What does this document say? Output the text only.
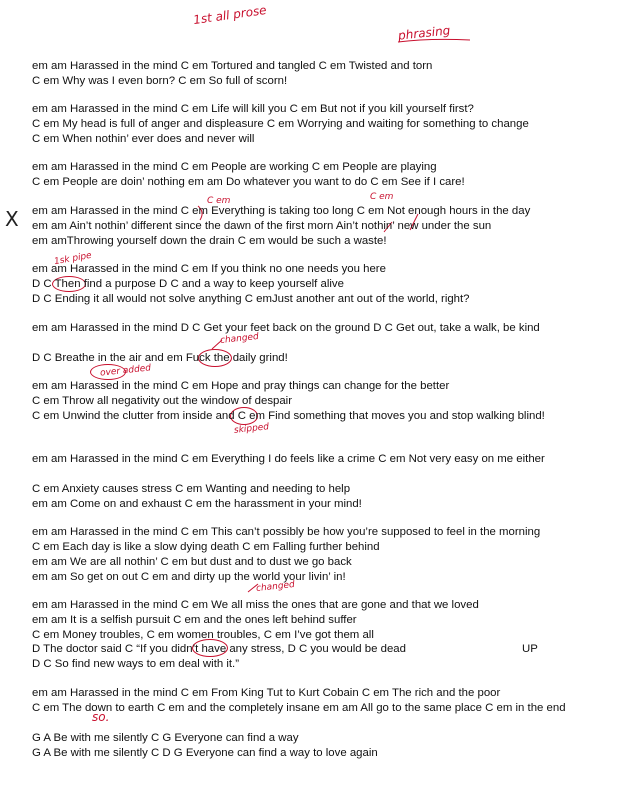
1st all prose
phrasing
C em	C em
X
1sk pipe
changed
over added
skipped
changed
so.
em am Harassed in the mind C em Tortured and tangled C em Twisted and torn
C em Why was I even born? C em So full of scorn!
em am Harassed in the mind C em Life will kill you C em But not if you kill yourself first?
C em My head is full of anger and displeasure C em Worrying and waiting for something to change
C em When nothin’ ever does and never will
em am Harassed in the mind C em People are working C em People are playing
C em People are doin’ nothing em am Do whatever you want to do C em See if I care!
em am Harassed in the mind C em Everything is taking too long C em Not enough hours in the day
em am Ain’t nothin’ different since the dawn of the first morn Ain’t nothin’ new under the sun
em amThrowing yourself down the drain C em would be such a waste!
em am Harassed in the mind C em If you think no one needs you here
D C Then find a purpose D C and a way to keep yourself alive
D C Ending it all would not solve anything C emJust another ant out of the world, right?
em am Harassed in the mind D C Get your feet back on the ground D C Get out, take a walk, be kind
D C Breathe in the air and em Fuck the daily grind!
em am Harassed in the mind C em Hope and pray things can change for the better
C em Throw all negativity out the window of despair
C em Unwind the clutter from inside and C em Find something that moves you and stop walking blind!
em am Harassed in the mind C em Everything I do feels like a crime C em Not very easy on me either
C em Anxiety causes stress C em Wanting and needing to help
em am Come on and exhaust C em the harassment in your mind!
em am Harassed in the mind C em This can’t possibly be how you’re supposed to feel in the morning
C em Each day is like a slow dying death C em Falling further behind
em am We are all nothin’ C em but dust and to dust we go back
em am So get on out C em and dirty up the world your livin’ in!
em am Harassed in the mind C em We all miss the ones that are gone and that we loved
em am It is a selfish pursuit C em and the ones left behind suffer
C em Money troubles, C em women troubles, C em I’ve got them all
D The doctor said C “If you didn’t have any stress, D C you would be dead
D C So find new ways to em deal with it.”
UP
em am Harassed in the mind C em From King Tut to Kurt Cobain C em The rich and the poor
C em The down to earth C em and the completely insane em am All go to the same place C em in the end
G A Be with me silently C G Everyone can find a way
G A Be with me silently C D G Everyone can find a way to love again
